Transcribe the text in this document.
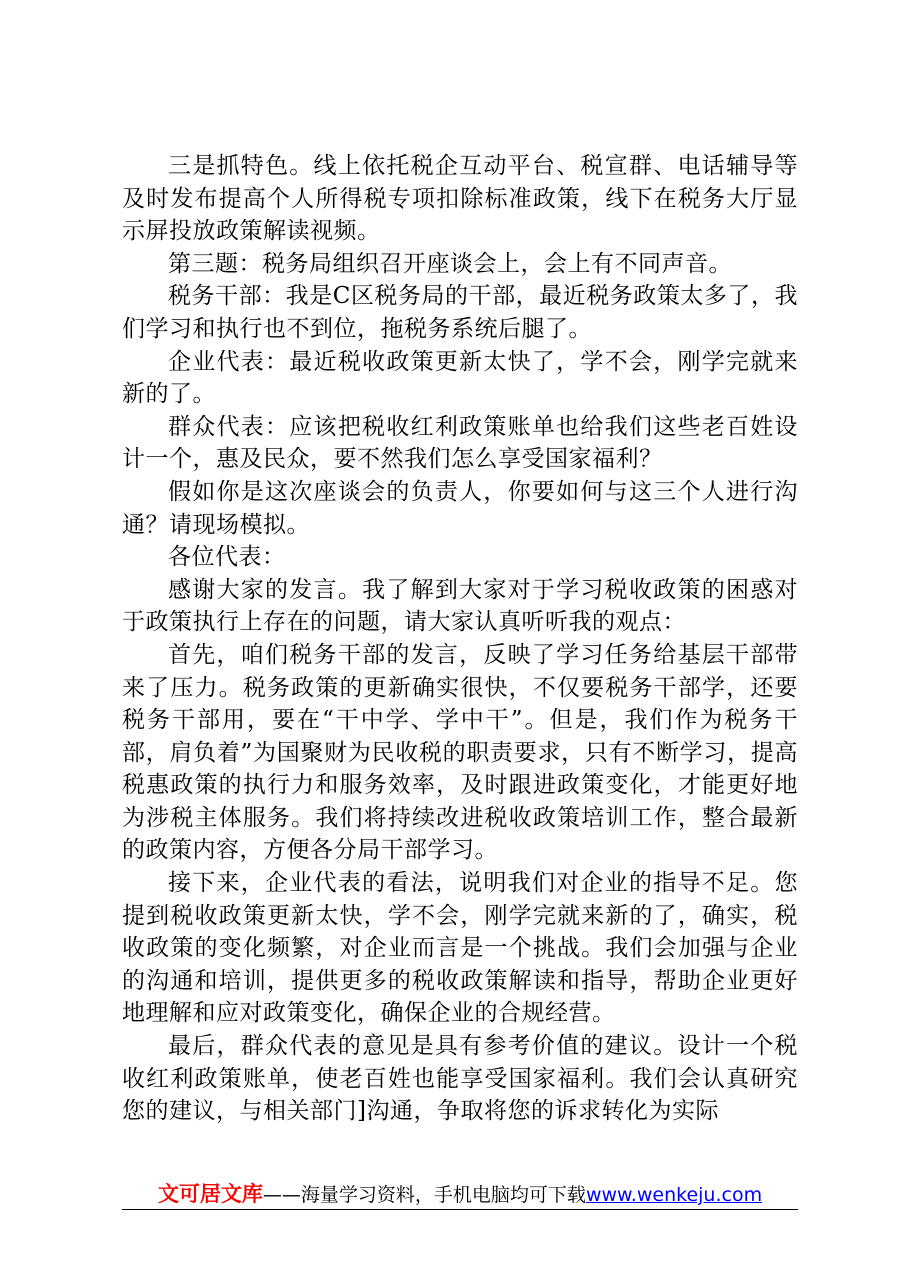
三是抓特色。线上依托税企互动平台、税宣群、电话辅导等及时发布提高个人所得税专项扣除标准政策，线下在税务大厅显示屏投放政策解读视频。

第三题：税务局组织召开座谈会上，会上有不同声音。

税务干部：我是C区税务局的干部，最近税务政策太多了，我们学习和执行也不到位，拖税务系统后腿了。

企业代表：最近税收政策更新太快了，学不会，刚学完就来新的了。

群众代表：应该把税收红利政策账单也给我们这些老百姓设计一个，惠及民众，要不然我们怎么享受国家福利？

假如你是这次座谈会的负责人，你要如何与这三个人进行沟通？请现场模拟。

各位代表：

感谢大家的发言。我了解到大家对于学习税收政策的困惑对于政策执行上存在的问题，请大家认真听听我的观点：

首先，咱们税务干部的发言，反映了学习任务给基层干部带来了压力。税务政策的更新确实很快，不仅要税务干部学，还要税务干部用，要在“干中学、学中干”。但是，我们作为税务干部，肩负着”为国聚财为民收税的职责要求，只有不断学习，提高税惠政策的执行力和服务效率，及时跟进政策变化，才能更好地为涉税主体服务。我们将持续改进税收政策培训工作，整合最新的政策内容，方便各分局干部学习。

接下来，企业代表的看法，说明我们对企业的指导不足。您提到税收政策更新太快，学不会，刚学完就来新的了，确实，税收政策的变化频繁，对企业而言是一个挑战。我们会加强与企业的沟通和培训，提供更多的税收政策解读和指导，帮助企业更好地理解和应对政策变化，确保企业的合规经营。

最后，群众代表的意见是具有参考价值的建议。设计一个税收红利政策账单，使老百姓也能享受国家福利。我们会认真研究您的建议，与相关部门]沟通，争取将您的诉求转化为实际

文可居文库——海量学习资料，手机电脑均可下载www.wenkeju.com
